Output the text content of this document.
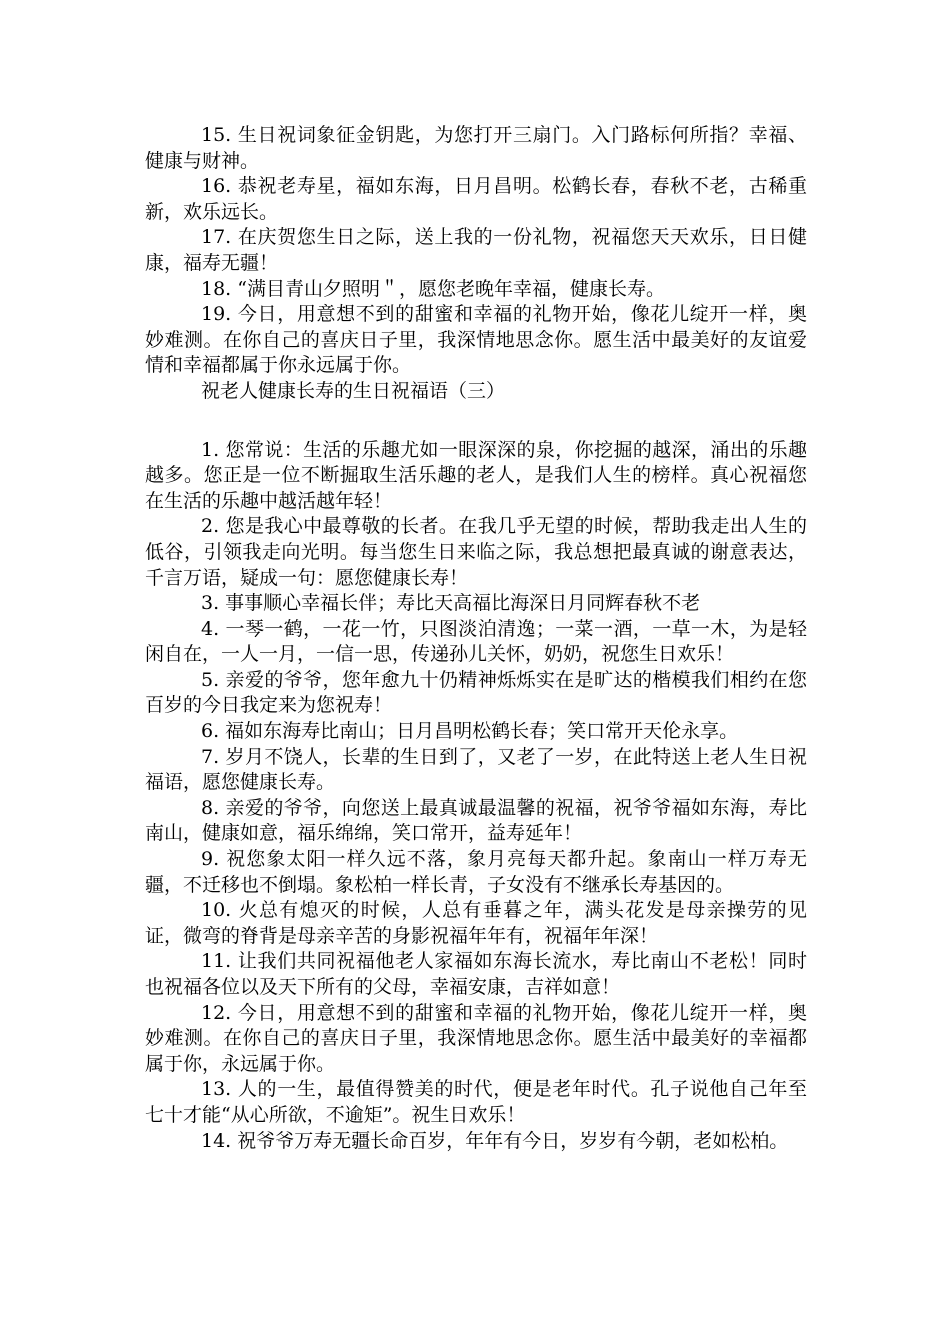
15. 生日祝词象征金钥匙，为您打开三扇门。入门路标何所指？幸福、健康与财神。

16. 恭祝老寿星，福如东海，日月昌明。松鹤长春，春秋不老，古稀重新，欢乐远长。

17. 在庆贺您生日之际，送上我的一份礼物，祝福您天天欢乐，日日健康，福寿无疆！

18. “满目青山夕照明＂，愿您老晚年幸福，健康长寿。

19. 今日，用意想不到的甜蜜和幸福的礼物开始，像花儿绽开一样，奥妙难测。在你自己的喜庆日子里，我深情地思念你。愿生活中最美好的友谊爱情和幸福都属于你永远属于你。

祝老人健康长寿的生日祝福语（三）

1. 您常说：生活的乐趣尤如一眼深深的泉，你挖掘的越深，涌出的乐趣越多。您正是一位不断掘取生活乐趣的老人，是我们人生的榜样。真心祝福您在生活的乐趣中越活越年轻！

2. 您是我心中最尊敬的长者。在我几乎无望的时候，帮助我走出人生的低谷，引领我走向光明。每当您生日来临之际，我总想把最真诚的谢意表达，千言万语，疑成一句：愿您健康长寿！

3. 事事顺心幸福长伴；寿比天高福比海深日月同辉春秋不老

4. 一琴一鹤，一花一竹，只图淡泊清逸；一菜一酒，一草一木，为是轻闲自在，一人一月，一信一思，传递孙儿关怀，奶奶，祝您生日欢乐！

5. 亲爱的爷爷，您年愈九十仍精神烁烁实在是旷达的楷模我们相约在您百岁的今日我定来为您祝寿！

6. 福如东海寿比南山；日月昌明松鹤长春；笑口常开天伦永享。

7. 岁月不饶人，长辈的生日到了，又老了一岁，在此特送上老人生日祝福语，愿您健康长寿。

8. 亲爱的爷爷，向您送上最真诚最温馨的祝福，祝爷爷福如东海，寿比南山，健康如意，福乐绵绵，笑口常开，益寿延年！

9. 祝您象太阳一样久远不落，象月亮每天都升起。象南山一样万寿无疆，不迁移也不倒塌。象松柏一样长青，子女没有不继承长寿基因的。

10. 火总有熄灭的时候，人总有垂暮之年，满头花发是母亲操劳的见证，微弯的脊背是母亲辛苦的身影祝福年年有，祝福年年深！

11. 让我们共同祝福他老人家福如东海长流水，寿比南山不老松！同时也祝福各位以及天下所有的父母，幸福安康，吉祥如意！

12. 今日，用意想不到的甜蜜和幸福的礼物开始，像花儿绽开一样，奥妙难测。在你自己的喜庆日子里，我深情地思念你。愿生活中最美好的幸福都属于你，永远属于你。

13. 人的一生，最值得赞美的时代，便是老年时代。孔子说他自己年至七十才能“从心所欲，不逾矩”。祝生日欢乐！

14. 祝爷爷万寿无疆长命百岁，年年有今日，岁岁有今朝，老如松柏。
